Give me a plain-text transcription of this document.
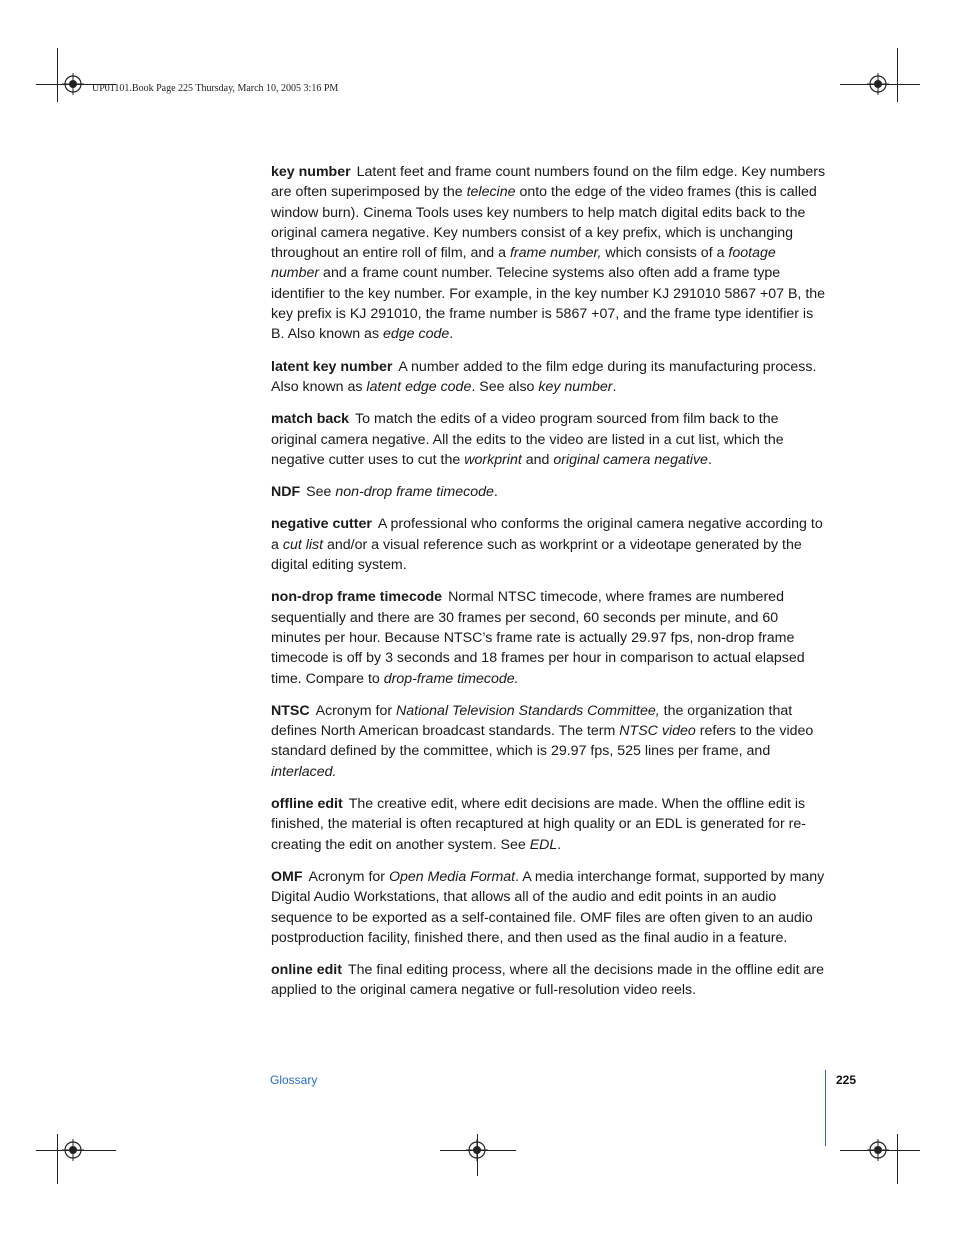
UP01101.Book Page 225 Thursday, March 10, 2005 3:16 PM

key number Latent feet and frame count numbers found on the film edge. Key numbers are often superimposed by the telecine onto the edge of the video frames (this is called window burn). Cinema Tools uses key numbers to help match digital edits back to the original camera negative. Key numbers consist of a key prefix, which is unchanging throughout an entire roll of film, and a frame number, which consists of a footage number and a frame count number. Telecine systems also often add a frame type identifier to the key number. For example, in the key number KJ 291010 5867 +07 B, the key prefix is KJ 291010, the frame number is 5867 +07, and the frame type identifier is B. Also known as edge code.

latent key number A number added to the film edge during its manufacturing process. Also known as latent edge code. See also key number.

match back To match the edits of a video program sourced from film back to the original camera negative. All the edits to the video are listed in a cut list, which the negative cutter uses to cut the workprint and original camera negative.

NDF See non-drop frame timecode.

negative cutter A professional who conforms the original camera negative according to a cut list and/or a visual reference such as workprint or a videotape generated by the digital editing system.

non-drop frame timecode Normal NTSC timecode, where frames are numbered sequentially and there are 30 frames per second, 60 seconds per minute, and 60 minutes per hour. Because NTSC’s frame rate is actually 29.97 fps, non-drop frame timecode is off by 3 seconds and 18 frames per hour in comparison to actual elapsed time. Compare to drop-frame timecode.

NTSC Acronym for National Television Standards Committee, the organization that defines North American broadcast standards. The term NTSC video refers to the video standard defined by the committee, which is 29.97 fps, 525 lines per frame, and interlaced.

offline edit The creative edit, where edit decisions are made. When the offline edit is finished, the material is often recaptured at high quality or an EDL is generated for re-creating the edit on another system. See EDL.

OMF Acronym for Open Media Format. A media interchange format, supported by many Digital Audio Workstations, that allows all of the audio and edit points in an audio sequence to be exported as a self-contained file. OMF files are often given to an audio postproduction facility, finished there, and then used as the final audio in a feature.

online edit The final editing process, where all the decisions made in the offline edit are applied to the original camera negative or full-resolution video reels.

Glossary	225
